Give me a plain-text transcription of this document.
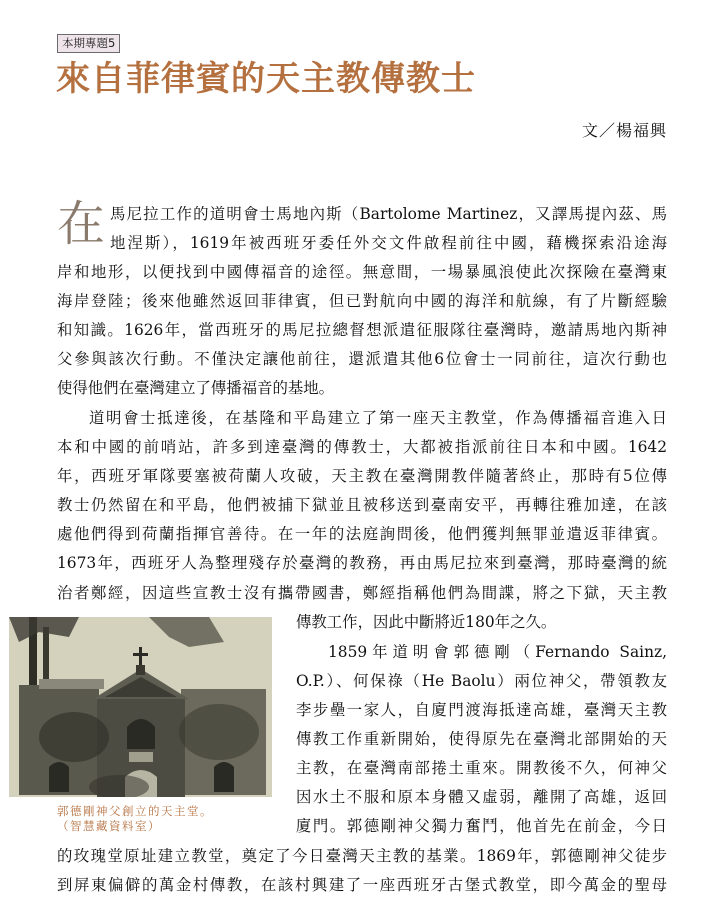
本期專題5
來自菲律賓的天主教傳教士
文／楊福興
在 馬尼拉工作的道明會士馬地內斯（Bartolome Martinez，又譯馬提內茲、馬
地涅斯），1619年被西班牙委任外交文件啟程前往中國，藉機探索沿途海
岸和地形，以便找到中國傳福音的途徑。無意間，一場暴風浪使此次探險在臺灣東
海岸登陸；後來他雖然返回菲律賓，但已對航向中國的海洋和航線，有了片斷經驗
和知識。1626年，當西班牙的馬尼拉總督想派遣征服隊往臺灣時，邀請馬地內斯神
父參與該次行動。不僅決定讓他前往，還派遣其他6位會士一同前往，這次行動也
使得他們在臺灣建立了傳播福音的基地。
道明會士抵達後，在基隆和平島建立了第一座天主教堂，作為傳播福音進入日
本和中國的前哨站，許多到達臺灣的傳教士，大都被指派前往日本和中國。1642
年，西班牙軍隊要塞被荷蘭人攻破，天主教在臺灣開教伴隨著終止，那時有5位傳
教士仍然留在和平島，他們被捕下獄並且被移送到臺南安平，再轉往雅加達，在該
處他們得到荷蘭指揮官善待。在一年的法庭詢問後，他們獲判無罪並遣返菲律賓。
1673年，西班牙人為整理殘存於臺灣的教務，再由馬尼拉來到臺灣，那時臺灣的統
治者鄭經，因這些宣教士沒有攜帶國書，鄭經指稱他們為間諜，將之下獄，天主教
傳教工作，因此中斷將近180年之久。
1859年道明會郭德剛（Fernando Sainz,
O.P.）、何保祿（He Baolu）兩位神父，帶領教友
李步壘一家人，自廈門渡海抵達高雄，臺灣天主教
傳教工作重新開始，使得原先在臺灣北部開始的天
主教，在臺灣南部捲土重來。開教後不久，何神父
因水土不服和原本身體又虛弱，離開了高雄，返回
廈門。郭德剛神父獨力奮鬥，他首先在前金，今日
的玫瑰堂原址建立教堂，奠定了今日臺灣天主教的基業。1869年，郭德剛神父徒步
到屏東偏僻的萬金村傳教，在該村興建了一座西班牙古堡式教堂，即今萬金的聖母
郭德剛神父創立的天主堂。
（智慧藏資料室）
